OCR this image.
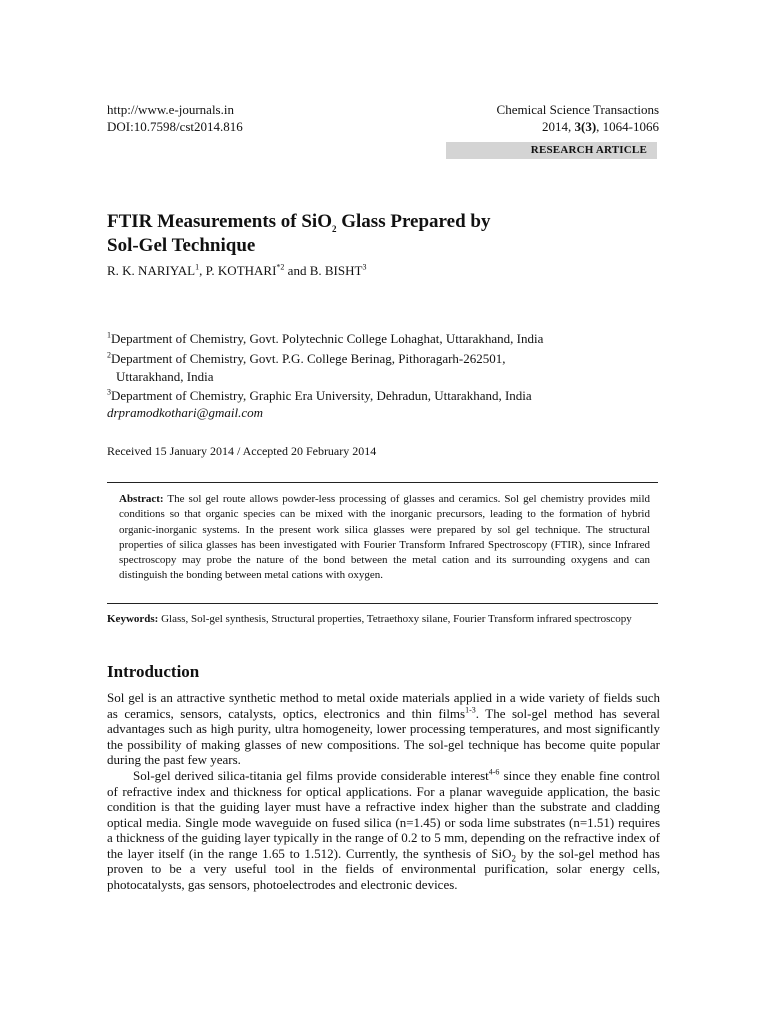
http://www.e-journals.in
DOI:10.7598/cst2014.816
Chemical Science Transactions
2014, 3(3), 1064-1066
RESEARCH ARTICLE
FTIR Measurements of SiO$_2$ Glass Prepared by
Sol-Gel Technique
R. K. NARIYAL$^1$, P. KOTHARI$^{*2}$ and B. BISHT$^3$
$^1$Department of Chemistry, Govt. Polytechnic College Lohaghat, Uttarakhand, India
$^2$Department of Chemistry, Govt. P.G. College Berinag, Pithoragarh-262501,
Uttarakhand, India
$^3$Department of Chemistry, Graphic Era University, Dehradun, Uttarakhand, India
drpramodkothari@gmail.com
Received 15 January 2014 / Accepted 20 February 2014
Abstract: The sol gel route allows powder-less processing of glasses and ceramics. Sol gel chemistry provides mild conditions so that organic species can be mixed with the inorganic precursors, leading to the formation of hybrid organic-inorganic systems. In the present work silica glasses were prepared by sol gel technique. The structural properties of silica glasses has been investigated with Fourier Transform Infrared Spectroscopy (FTIR), since Infrared spectroscopy may probe the nature of the bond between the metal cation and its surrounding oxygens and can distinguish the bonding between metal cations with oxygen.
Keywords: Glass, Sol-gel synthesis, Structural properties, Tetraethoxy silane, Fourier Transform infrared spectroscopy
Introduction
Sol gel is an attractive synthetic method to metal oxide materials applied in a wide variety of fields such as ceramics, sensors, catalysts, optics, electronics and thin films$^{1-3}$. The sol-gel method has several advantages such as high purity, ultra homogeneity, lower processing temperatures, and most significantly the possibility of making glasses of new compositions. The sol-gel technique has become quite popular during the past few years.
Sol-gel derived silica-titania gel films provide considerable interest$^{4-6}$ since they enable fine control of refractive index and thickness for optical applications. For a planar waveguide application, the basic condition is that the guiding layer must have a refractive index higher than the substrate and cladding optical media. Single mode waveguide on fused silica (n=1.45) or soda lime substrates (n=1.51) requires a thickness of the guiding layer typically in the range of 0.2 to 5 mm, depending on the refractive index of the layer itself (in the range 1.65 to 1.512). Currently, the synthesis of SiO$_2$ by the sol-gel method has proven to be a very useful tool in the fields of environmental purification, solar energy cells, photocatalysts, gas sensors, photoelectrodes and electronic devices.
